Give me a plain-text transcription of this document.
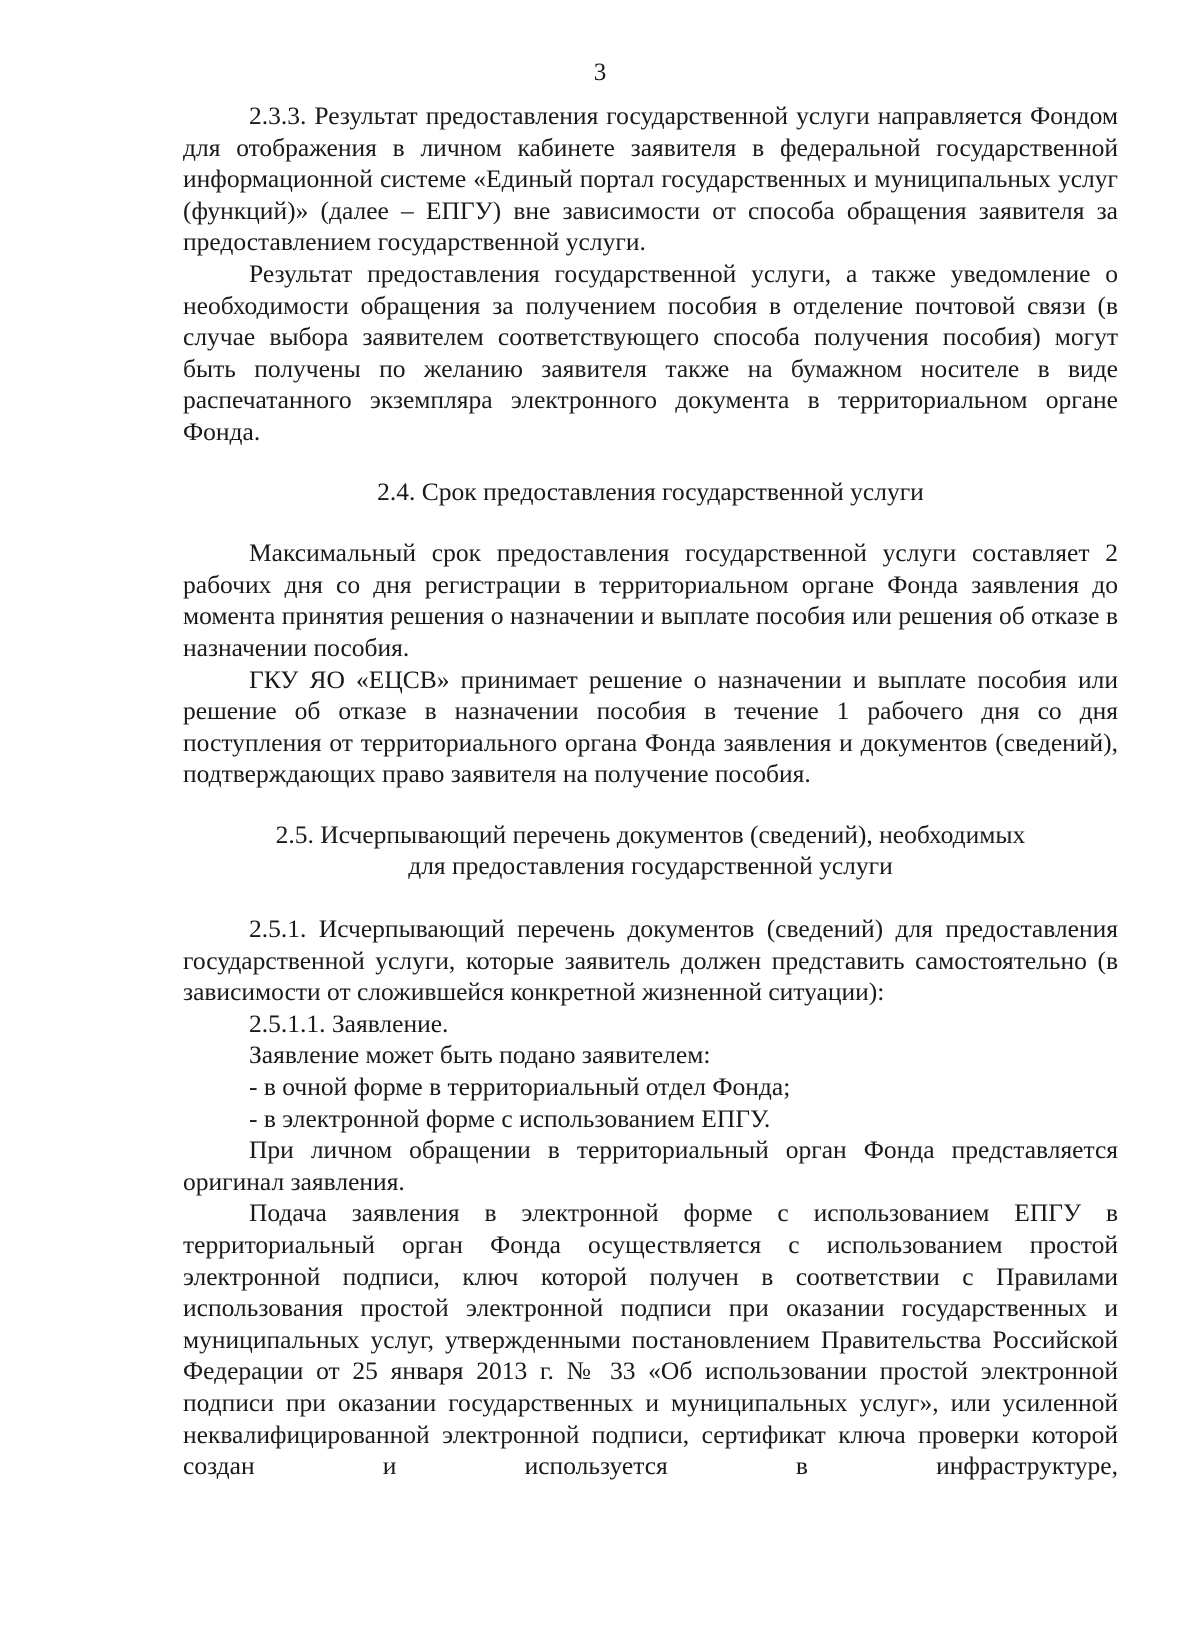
3

2.3.3. Результат предоставления государственной услуги направляется Фондом для отображения в личном кабинете заявителя в федеральной государственной информационной системе «Единый портал государственных и муниципальных услуг (функций)» (далее – ЕПГУ) вне зависимости от способа обращения заявителя за предоставлением государственной услуги.

Результат предоставления государственной услуги, а также уведомление о необходимости обращения за получением пособия в отделение почтовой связи (в случае выбора заявителем соответствующего способа получения пособия) могут быть получены по желанию заявителя также на бумажном носителе в виде распечатанного экземпляра электронного документа в территориальном органе Фонда.

2.4. Срок предоставления государственной услуги

Максимальный срок предоставления государственной услуги составляет 2 рабочих дня со дня регистрации в территориальном органе Фонда заявления до момента принятия решения о назначении и выплате пособия или решения об отказе в назначении пособия.

ГКУ ЯО «ЕЦСВ» принимает решение о назначении и выплате пособия или решение об отказе в назначении пособия в течение 1 рабочего дня со дня поступления от территориального органа Фонда заявления и документов (сведений), подтверждающих право заявителя на получение пособия.

2.5. Исчерпывающий перечень документов (сведений), необходимых

для предоставления государственной услуги

2.5.1. Исчерпывающий перечень документов (сведений) для предоставления государственной услуги, которые заявитель должен представить самостоятельно (в зависимости от сложившейся конкретной жизненной ситуации):

2.5.1.1. Заявление.

Заявление может быть подано заявителем:

- в очной форме в территориальный отдел Фонда;

- в электронной форме с использованием ЕПГУ.

При личном обращении в территориальный орган Фонда представляется оригинал заявления.

Подача заявления в электронной форме с использованием ЕПГУ в территориальный орган Фонда осуществляется с использованием простой электронной подписи, ключ которой получен в соответствии с Правилами использования простой электронной подписи при оказании государственных и муниципальных услуг, утвержденными постановлением Правительства Российской Федерации от 25 января 2013 г. № 33 «Об использовании простой электронной подписи при оказании государственных и муниципальных услуг», или усиленной неквалифицированной электронной подписи, сертификат ключа проверки которой создан и используется в инфраструктуре,
